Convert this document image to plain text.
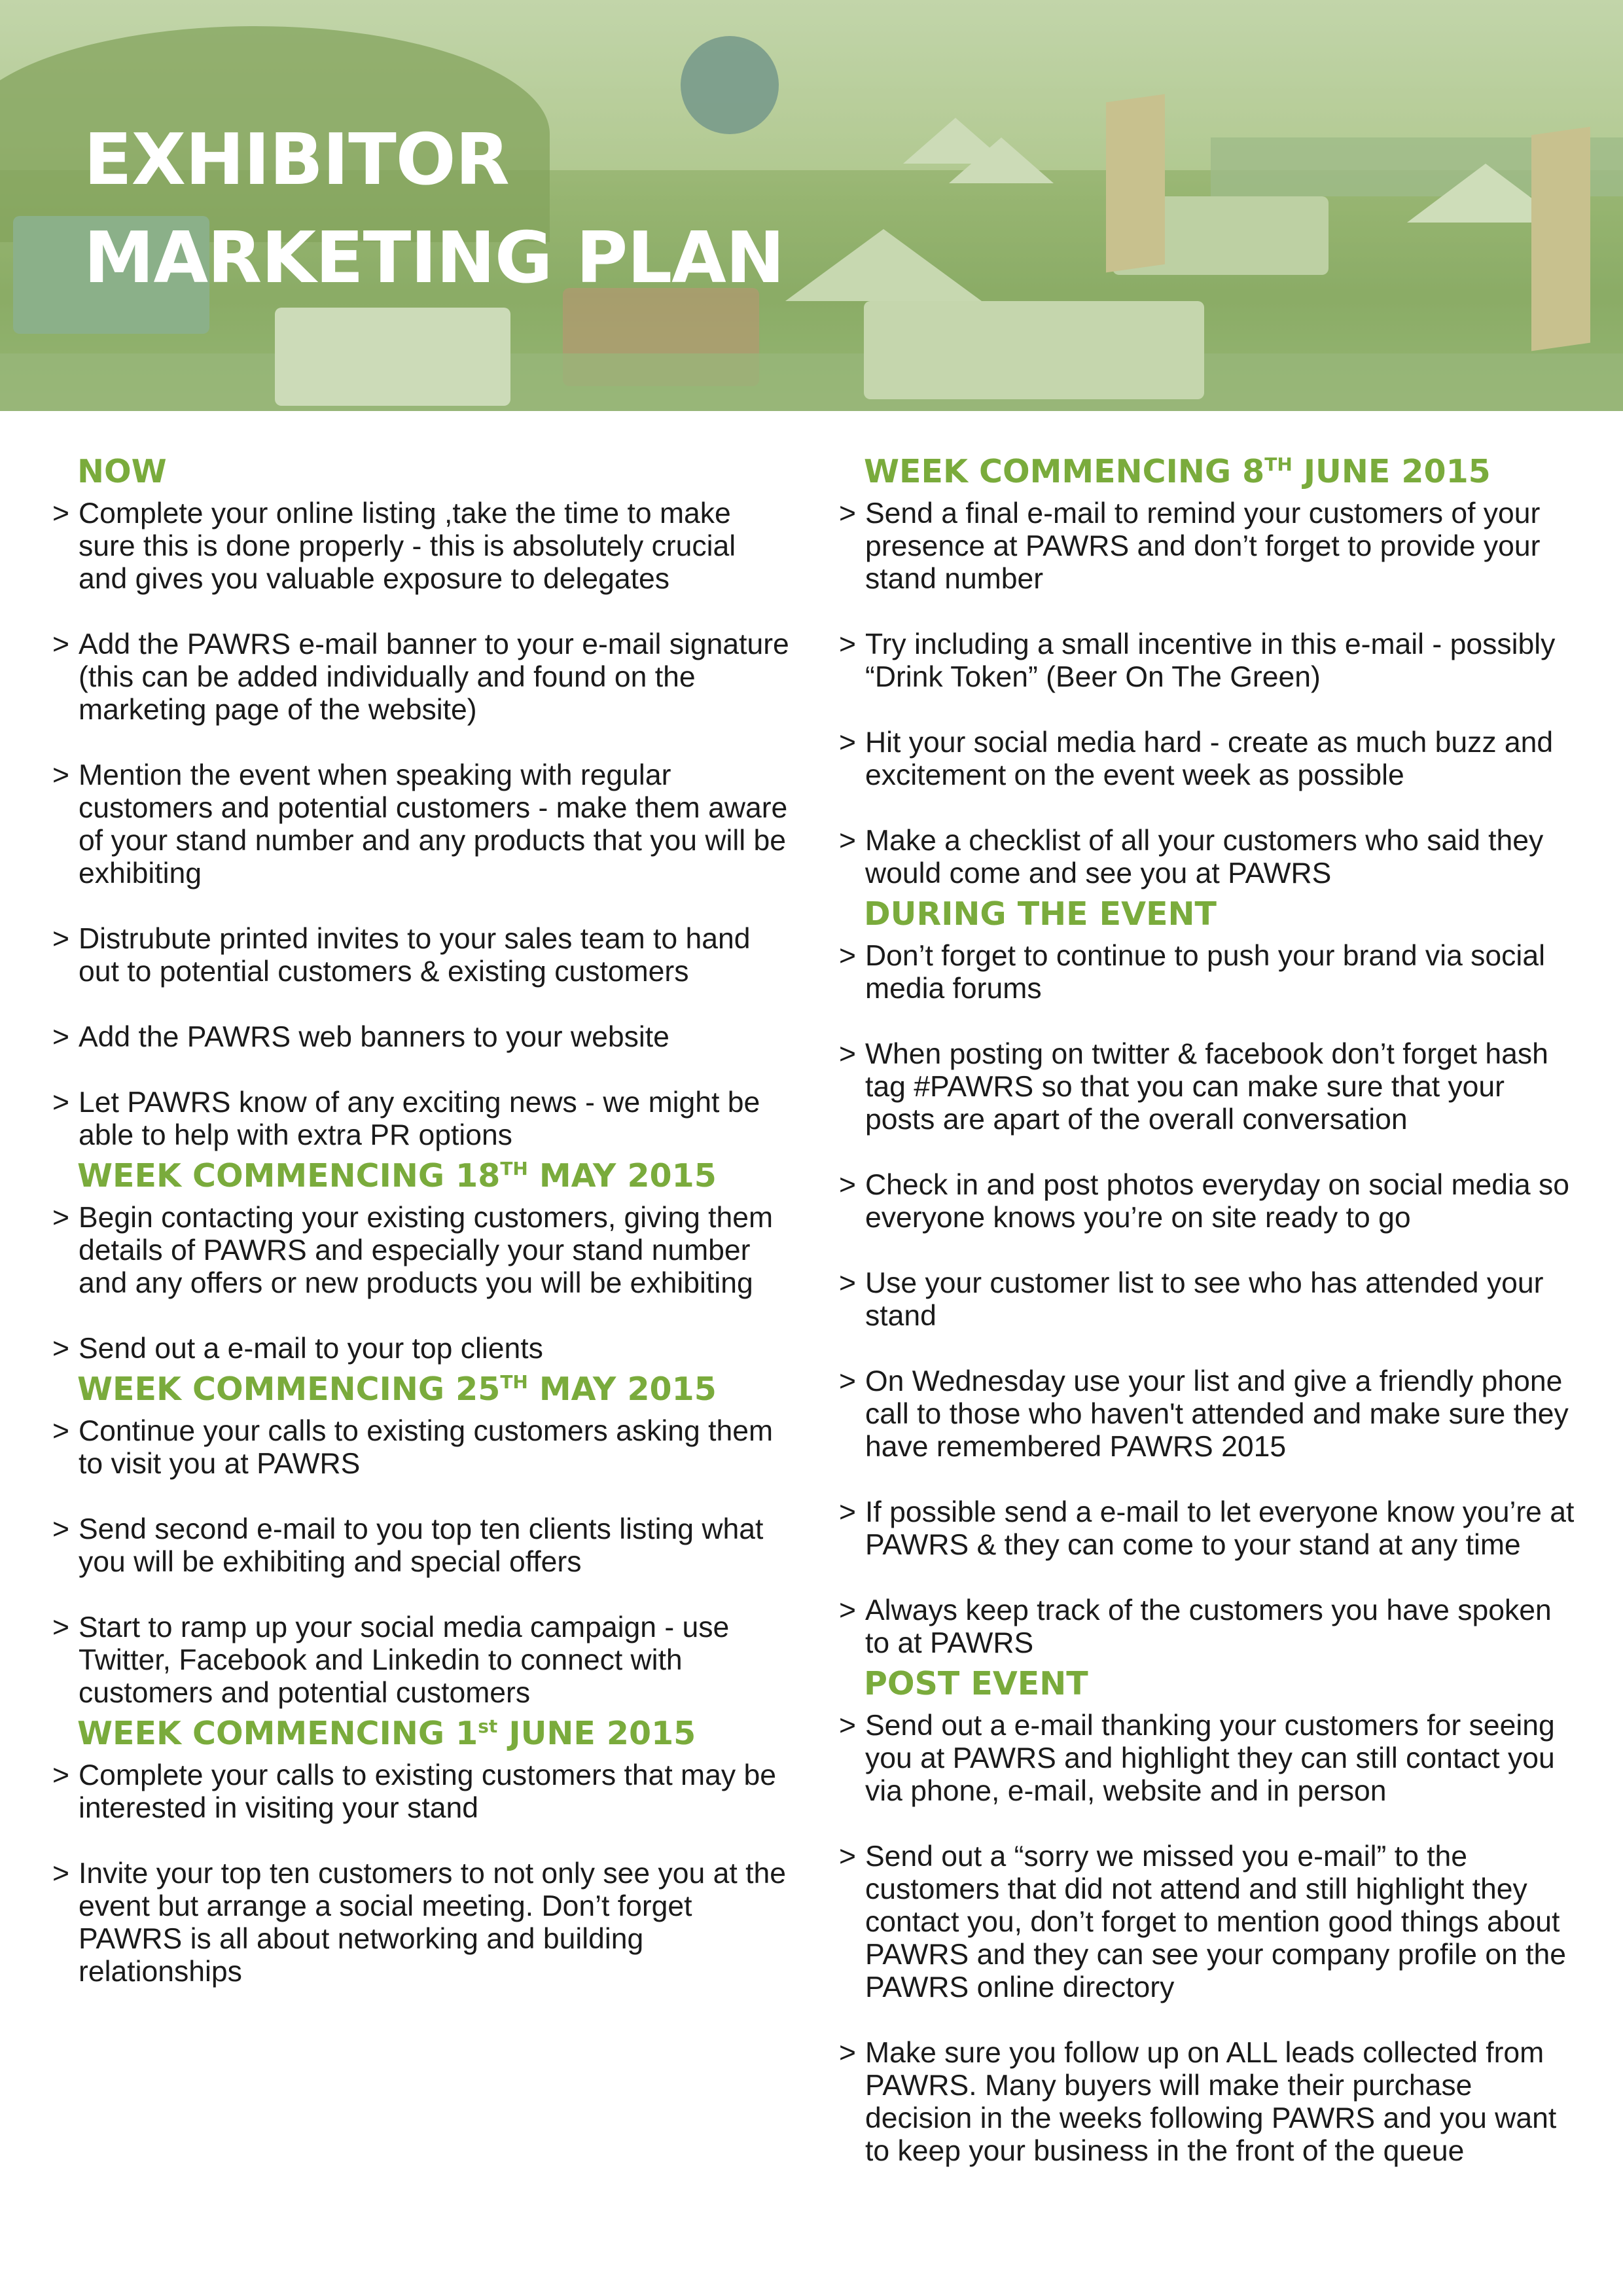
EXHIBITOR
MARKETING PLAN
NOW
> Complete your online listing ,take the time to make sure this is done properly - this is absolutely crucial and gives you valuable exposure to delegates
> Add the PAWRS e-mail banner to your e-mail signature (this can be added individually and found on the marketing page of the website)
> Mention the event when speaking with regular customers and potential customers - make them aware of your stand number and any products that you will be exhibiting
> Distrubute printed invites to your sales team to hand out to potential customers & existing customers
> Add the PAWRS web banners to your website
> Let PAWRS know of any exciting news - we might be able to help with extra PR options
WEEK COMMENCING 18TH MAY 2015
> Begin contacting your existing customers, giving them details of PAWRS and especially your stand number and any offers or new products you will be exhibiting
> Send out a e-mail to your top clients
WEEK COMMENCING 25TH MAY 2015
> Continue your calls to existing customers asking them to visit you at PAWRS
> Send second e-mail to you top ten clients listing what you will be exhibiting and special offers
> Start to ramp up your social media campaign - use Twitter, Facebook and Linkedin to connect with customers and potential customers
WEEK COMMENCING 1st JUNE 2015
> Complete your calls to existing customers that may be interested in visiting your stand
> Invite your top ten customers to not only see you at the event but arrange a social meeting. Don’t forget PAWRS is all about networking and building relationships
WEEK COMMENCING 8TH JUNE 2015
> Send a final e-mail to remind your customers of your presence at PAWRS and don’t forget to provide your stand number
> Try including a small incentive in this e-mail - possibly “Drink Token” (Beer On The Green)
> Hit your social media hard - create as much buzz and excitement on the event week as possible
> Make a checklist of all your customers who said they would come and see you at PAWRS
DURING THE EVENT
> Don’t forget to continue to push your brand via social media forums
> When posting on twitter & facebook don’t forget hash tag #PAWRS so that you can make sure that your posts are apart of the overall conversation
> Check in and post photos everyday on social media so everyone knows you’re on site ready to go
> Use your customer list to see who has attended your stand
> On Wednesday use your list and give a friendly phone call to those who haven't attended and make sure they have remembered PAWRS 2015
> If possible send a e-mail to let everyone know you’re at PAWRS & they can come to your stand at any time
> Always keep track of the customers you have spoken to at PAWRS
POST EVENT
> Send out a e-mail thanking your customers for seeing you at PAWRS and highlight they can still contact you via phone, e-mail, website and in person
> Send out a “sorry we missed you e-mail” to the customers that did not attend and still highlight they contact you, don’t forget to mention good things about PAWRS and they can see your company profile on the PAWRS online directory
> Make sure you follow up on ALL leads collected from PAWRS. Many buyers will make their purchase decision in the weeks following PAWRS and you want to keep your business in the front of the queue
